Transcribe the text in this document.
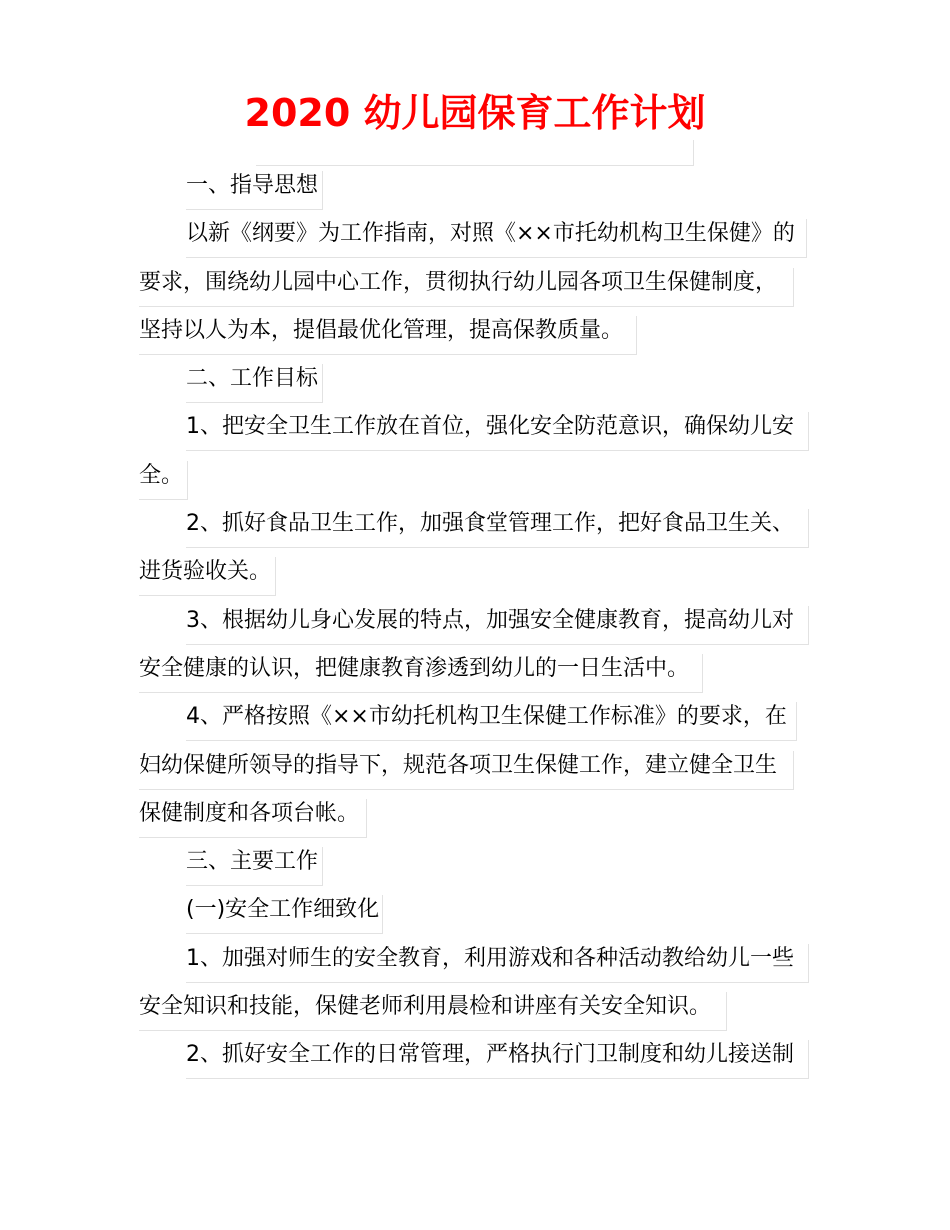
2020 幼儿园保育工作计划
一、指导思想
以新《纲要》为工作指南，对照《××市托幼机构卫生保健》的
要求，围绕幼儿园中心工作，贯彻执行幼儿园各项卫生保健制度，
坚持以人为本，提倡最优化管理，提高保教质量。
二、工作目标
1、把安全卫生工作放在首位，强化安全防范意识，确保幼儿安
全。
2、抓好食品卫生工作，加强食堂管理工作，把好食品卫生关、
进货验收关。
3、根据幼儿身心发展的特点，加强安全健康教育，提高幼儿对
安全健康的认识，把健康教育渗透到幼儿的一日生活中。
4、严格按照《××市幼托机构卫生保健工作标准》的要求，在
妇幼保健所领导的指导下，规范各项卫生保健工作，建立健全卫生
保健制度和各项台帐。
三、主要工作
(一)安全工作细致化
1、加强对师生的安全教育，利用游戏和各种活动教给幼儿一些
安全知识和技能，保健老师利用晨检和讲座有关安全知识。
2、抓好安全工作的日常管理，严格执行门卫制度和幼儿接送制
